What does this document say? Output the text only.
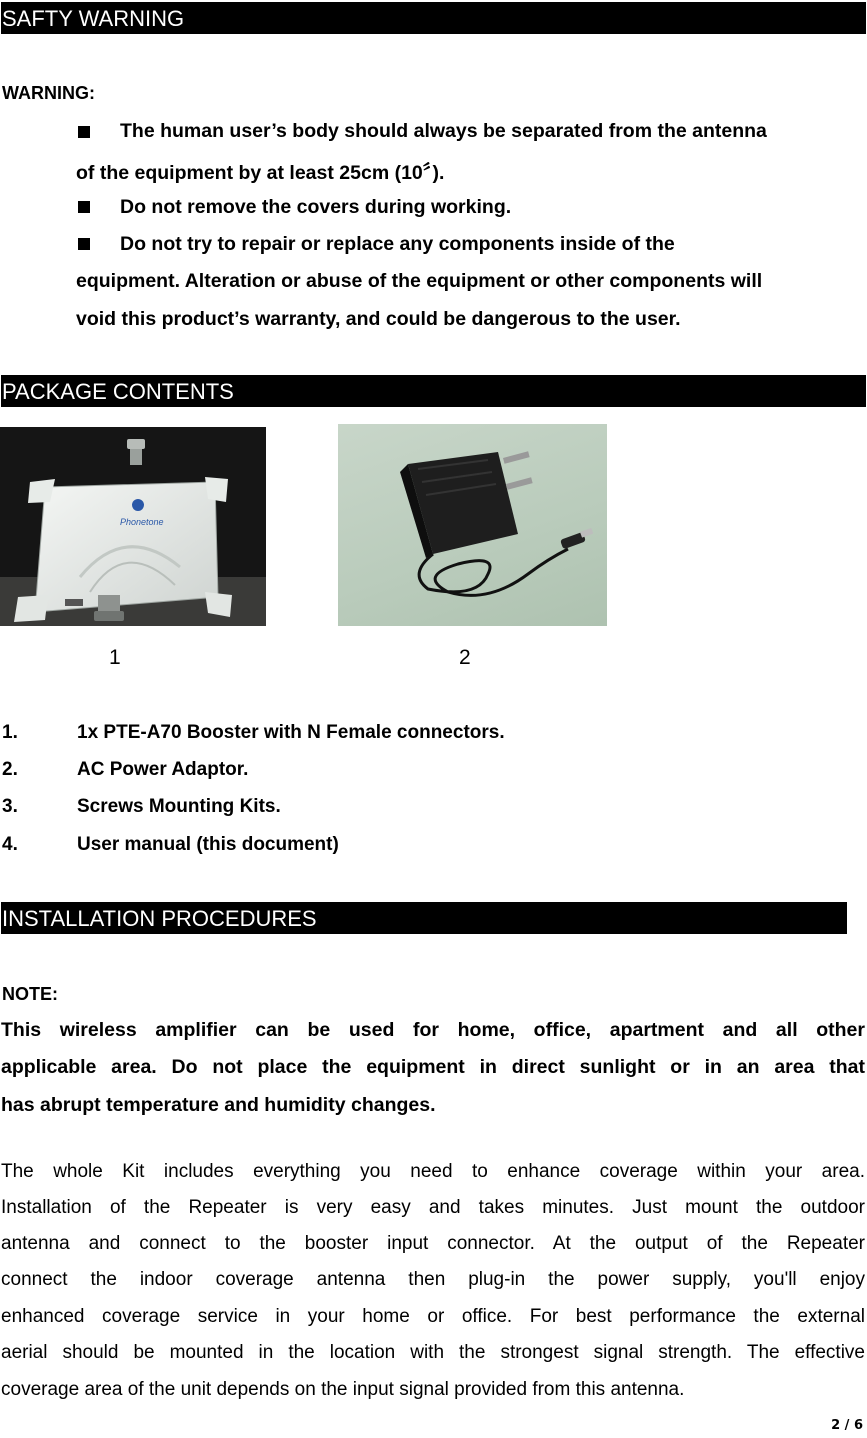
SAFTY WARNING
WARNING:
The human user’s body should always be separated from the antenna
of the equipment by at least 25cm (10〞).
Do not remove the covers during working.
Do not try to repair or replace any components inside of the
equipment. Alteration or abuse of the equipment or other components will
void this product’s warranty, and could be dangerous to the user.
PACKAGE CONTENTS
Phonetone
1	2
1.	1x PTE-A70 Booster with N Female connectors.
2.	AC Power Adaptor.
3.	Screws Mounting Kits.
4.	User manual (this document)
INSTALLATION PROCEDURES
NOTE:
This wireless amplifier can be used for home, office, apartment and all other
applicable area. Do not place the equipment in direct sunlight or in an area that
has abrupt temperature and humidity changes.
The whole Kit includes everything you need to enhance coverage within your area.
Installation of the Repeater is very easy and takes minutes. Just mount the outdoor
antenna and connect to the booster input connector. At the output of the Repeater
connect the indoor coverage antenna then plug-in the power supply, you'll enjoy
enhanced coverage service in your home or office. For best performance the external
aerial should be mounted in the location with the strongest signal strength. The effective
coverage area of the unit depends on the input signal provided from this antenna.
2 / 6
